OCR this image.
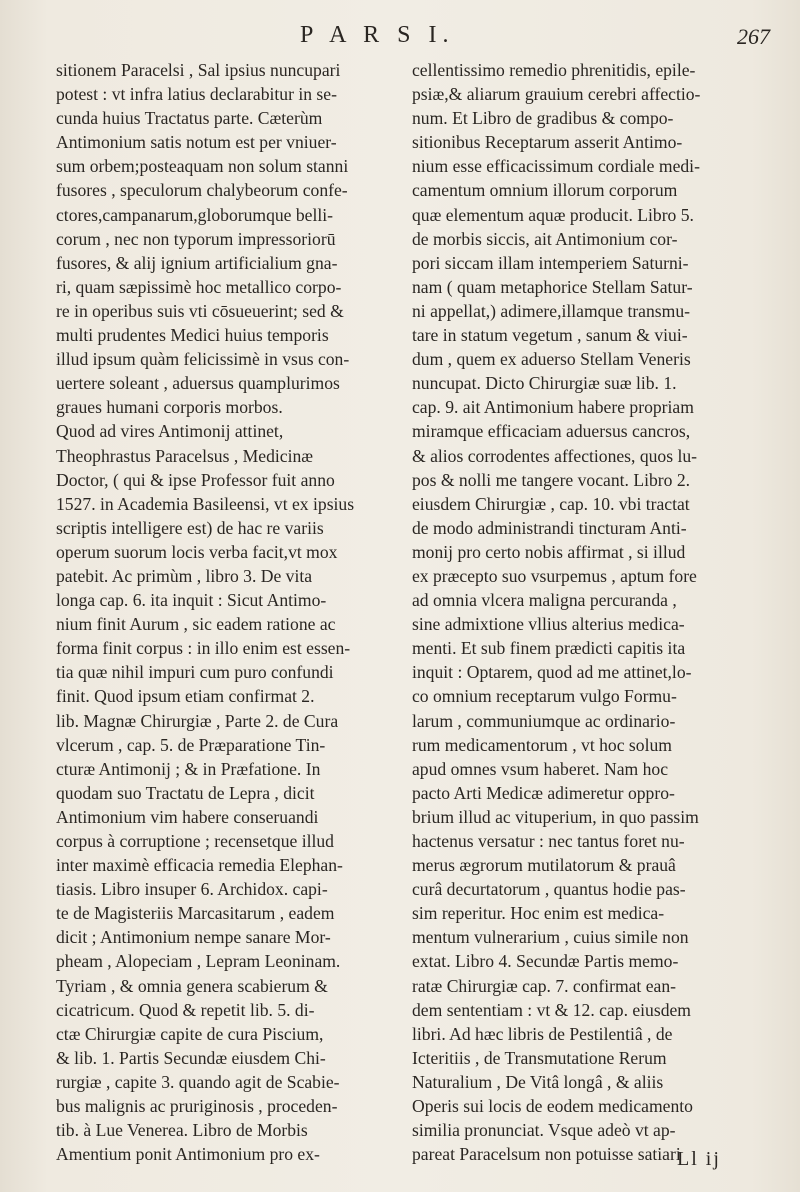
P A R S I.	267
sitionem Paracelsi , Sal ipsius nuncupari
potest : vt infra latius declarabitur in se-
cunda huius Tractatus parte. Cæterùm
Antimonium satis notum est per vniuer-
sum orbem;posteaquam non solum stanni
fusores , speculorum chalybeorum confe-
ctores,campanarum,globorumque belli-
corum , nec non typorum impressoriorū
fusores, & alij ignium artificialium gna-
ri, quam sæpissimè hoc metallico corpo-
re in operibus suis vti cōsueuerint; sed &
multi prudentes Medici huius temporis
illud ipsum quàm felicissimè in vsus con-
uertere soleant , aduersus quamplurimos
graues humani corporis morbos.
Quod ad vires Antimonij attinet,
Theophrastus Paracelsus , Medicinæ
Doctor, ( qui & ipse Professor fuit anno
1527. in Academia Basileensi, vt ex ipsius
scriptis intelligere est) de hac re variis
operum suorum locis verba facit,vt mox
patebit. Ac primùm , libro 3. De vita
longa cap. 6. ita inquit : Sicut Antimo-
nium finit Aurum , sic eadem ratione ac
forma finit corpus : in illo enim est essen-
tia quæ nihil impuri cum puro confundi
finit. Quod ipsum etiam confirmat 2.
lib. Magnæ Chirurgiæ , Parte 2. de Cura
vlcerum , cap. 5. de Præparatione Tin-
cturæ Antimonij ; & in Præfatione. In
quodam suo Tractatu de Lepra , dicit
Antimonium vim habere conseruandi
corpus à corruptione ; recensetque illud
inter maximè efficacia remedia Elephan-
tiasis. Libro insuper 6. Archidox. capi-
te de Magisteriis Marcasitarum , eadem
dicit ; Antimonium nempe sanare Mor-
pheam , Alopeciam , Lepram Leoninam.
Tyriam , & omnia genera scabierum &
cicatricum. Quod & repetit lib. 5. di-
ctæ Chirurgiæ capite de cura Piscium,
& lib. 1. Partis Secundæ eiusdem Chi-
rurgiæ , capite 3. quando agit de Scabie-
bus malignis ac pruriginosis , proceden-
tib. à Lue Venerea. Libro de Morbis
Amentium ponit Antimonium pro ex-
cellentissimo remedio phrenitidis, epile-
psiæ,& aliarum grauium cerebri affectio-
num. Et Libro de gradibus & compo-
sitionibus Receptarum asserit Antimo-
nium esse efficacissimum cordiale medi-
camentum omnium illorum corporum
quæ elementum aquæ producit. Libro 5.
de morbis siccis, ait Antimonium cor-
pori siccam illam intemperiem Saturni-
nam ( quam metaphorice Stellam Satur-
ni appellat,) adimere,illamque transmu-
tare in statum vegetum , sanum & viui-
dum , quem ex aduerso Stellam Veneris
nuncupat. Dicto Chirurgiæ suæ lib. 1.
cap. 9. ait Antimonium habere propriam
miramque efficaciam aduersus cancros,
& alios corrodentes affectiones, quos lu-
pos & nolli me tangere vocant. Libro 2.
eiusdem Chirurgiæ , cap. 10. vbi tractat
de modo administrandi tincturam Anti-
monij pro certo nobis affirmat , si illud
ex præcepto suo vsurpemus , aptum fore
ad omnia vlcera maligna percuranda ,
sine admixtione vllius alterius medica-
menti. Et sub finem prædicti capitis ita
inquit : Optarem, quod ad me attinet,lo-
co omnium receptarum vulgo Formu-
larum , communiumque ac ordinario-
rum medicamentorum , vt hoc solum
apud omnes vsum haberet. Nam hoc
pacto Arti Medicæ adimeretur oppro-
brium illud ac vituperium, in quo passim
hactenus versatur : nec tantus foret nu-
merus ægrorum mutilatorum & prauâ
curâ decurtatorum , quantus hodie pas-
sim reperitur. Hoc enim est medica-
mentum vulnerarium , cuius simile non
extat. Libro 4. Secundæ Partis memo-
ratæ Chirurgiæ cap. 7. confirmat ean-
dem sententiam : vt & 12. cap. eiusdem
libri. Ad hæc libris de Pestilentiâ , de
Icteritiis , de Transmutatione Rerum
Naturalium , De Vitâ longâ , & aliis
Operis sui locis de eodem medicamento
similia pronunciat. Vsque adeò vt ap-
pareat Paracelsum non potuisse satiari
Ll ij
